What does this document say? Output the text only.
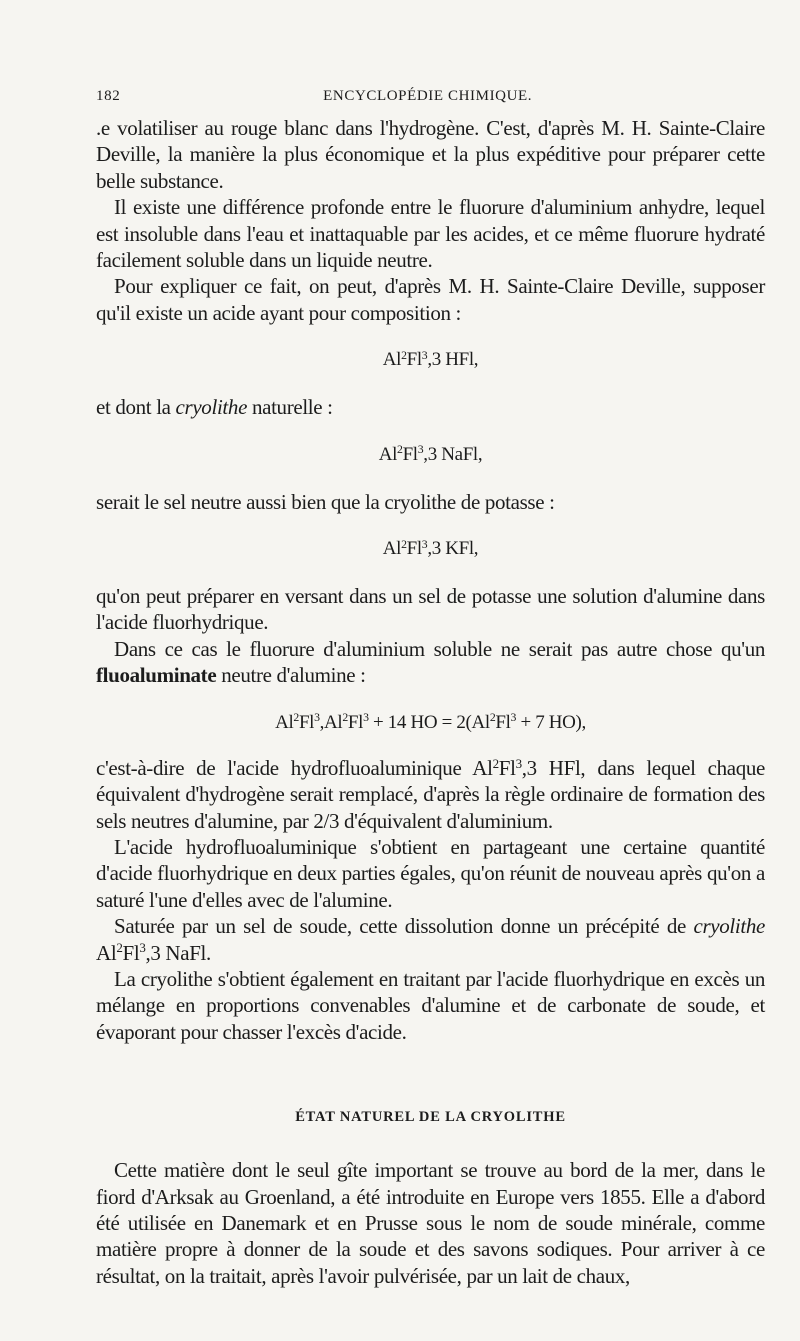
182	ENCYCLOPÉDIE CHIMIQUE.

.e volatiliser au rouge blanc dans l'hydrogène. C'est, d'après M. H. Sainte-Claire Deville, la manière la plus économique et la plus expéditive pour préparer cette belle substance.

Il existe une différence profonde entre le fluorure d'aluminium anhydre, lequel est insoluble dans l'eau et inattaquable par les acides, et ce même fluorure hydraté facilement soluble dans un liquide neutre.

Pour expliquer ce fait, on peut, d'après M. H. Sainte-Claire Deville, supposer qu'il existe un acide ayant pour composition :

Al$^2$Fl$^3$,3 HFl,

et dont la cryolithe naturelle :

Al$^2$Fl$^3$,3 NaFl,

serait le sel neutre aussi bien que la cryolithe de potasse :

Al$^2$Fl$^3$,3 KFl,

qu'on peut préparer en versant dans un sel de potasse une solution d'alumine dans l'acide fluorhydrique.

Dans ce cas le fluorure d'aluminium soluble ne serait pas autre chose qu'un fluoaluminate neutre d'alumine :

$Al^2Fl^3,Al^2Fl^3 + 14$ HO = $2(Al^2Fl^3 + 7$ HO),

c'est-à-dire de l'acide hydrofluoaluminique Al$^2$Fl$^3$,3 HFl, dans lequel chaque équivalent d'hydrogène serait remplacé, d'après la règle ordinaire de formation des sels neutres d'alumine, par 2/3 d'équivalent d'aluminium.

L'acide hydrofluoaluminique s'obtient en partageant une certaine quantité d'acide fluorhydrique en deux parties égales, qu'on réunit de nouveau après qu'on a saturé l'une d'elles avec de l'alumine.

Saturée par un sel de soude, cette dissolution donne un précépité de cryolithe Al$^2$Fl$^3$,3 NaFl.

La cryolithe s'obtient également en traitant par l'acide fluorhydrique en excès un mélange en proportions convenables d'alumine et de carbonate de soude, et évaporant pour chasser l'excès d'acide.

ÉTAT NATUREL DE LA CRYOLITHE

Cette matière dont le seul gîte important se trouve au bord de la mer, dans le fiord d'Arksak au Groenland, a été introduite en Europe vers 1855. Elle a d'abord été utilisée en Danemark et en Prusse sous le nom de soude minérale, comme matière propre à donner de la soude et des savons sodiques. Pour arriver à ce résultat, on la traitait, après l'avoir pulvérisée, par un lait de chaux,
